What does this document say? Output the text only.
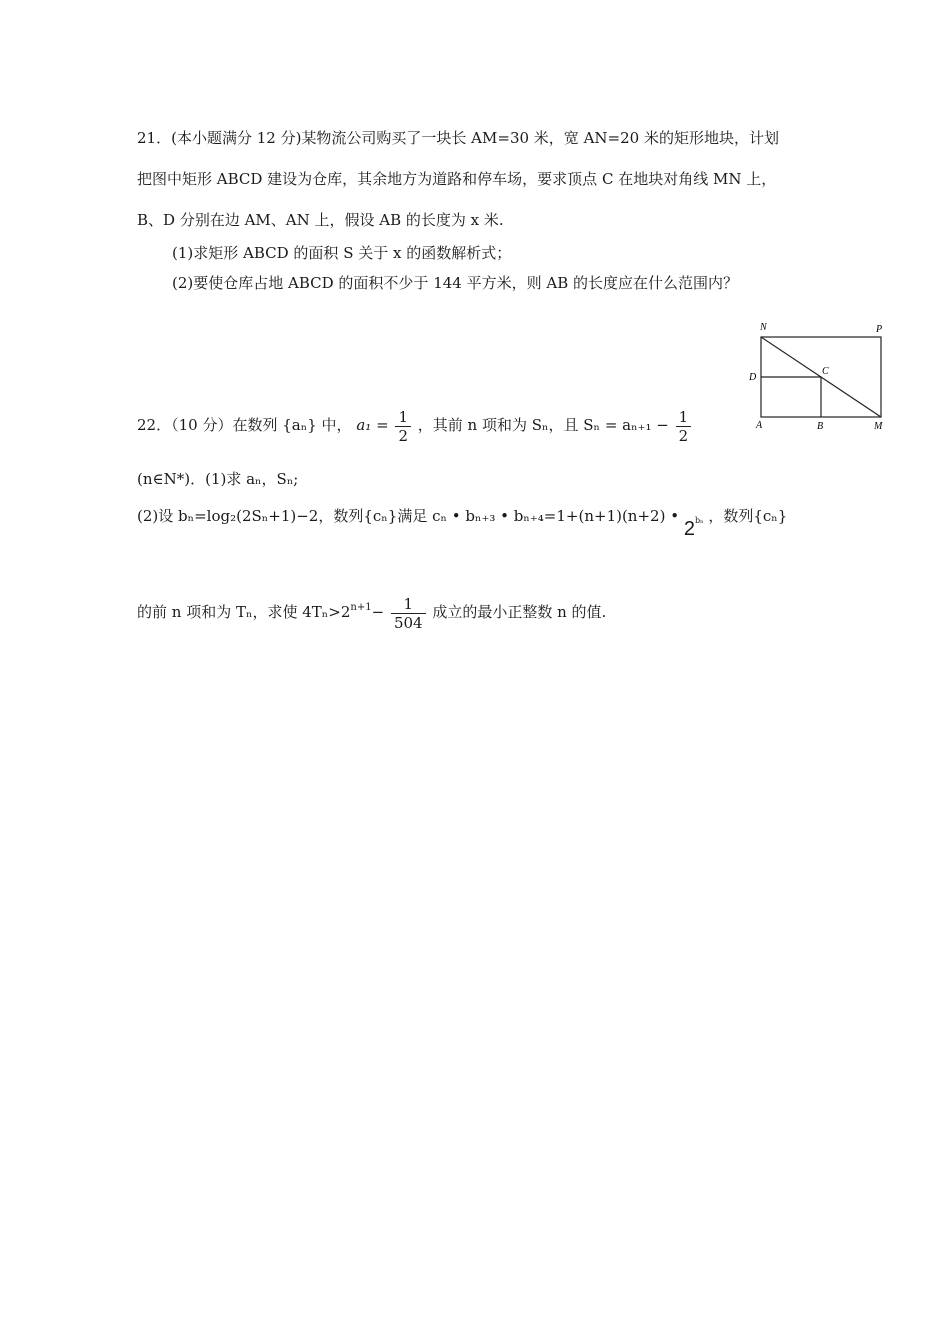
21．(本小题满分 12 分)某物流公司购买了一块长 AM=30 米，宽 AN=20 米的矩形地块，计划
把图中矩形 ABCD 建设为仓库，其余地方为道路和停车场，要求顶点 C 在地块对角线 MN 上，
B、D 分别在边 AM、AN 上，假设 AB 的长度为 x 米.
(1)求矩形 ABCD 的面积 S 关于 x 的函数解析式；
(2)要使仓库占地 ABCD 的面积不少于 144 平方米，则 AB 的长度应在什么范围内？
N	P
D
C
A	B	M
22．（10 分）在数列 {aₙ} 中， $a_1 = \frac{1}{2}$ ，其前 n 项和为 Sₙ，且 $S_n = a_{n+1} - \frac{1}{2}$
(n∈N*)．(1)求 aₙ，Sₙ;
(2)设 bₙ=log₂(2Sₙ+1)−2，数列{cₙ}满足 cₙ • bₙ₊₃ • bₙ₊₄=1+(n+1)(n+2) • 2bₙ ，数列{cₙ}
的前 n 项和为 Tₙ，求使 $4T_n>2^{n+1}- \frac{1}{504}$ 成立的最小正整数 n 的值.
